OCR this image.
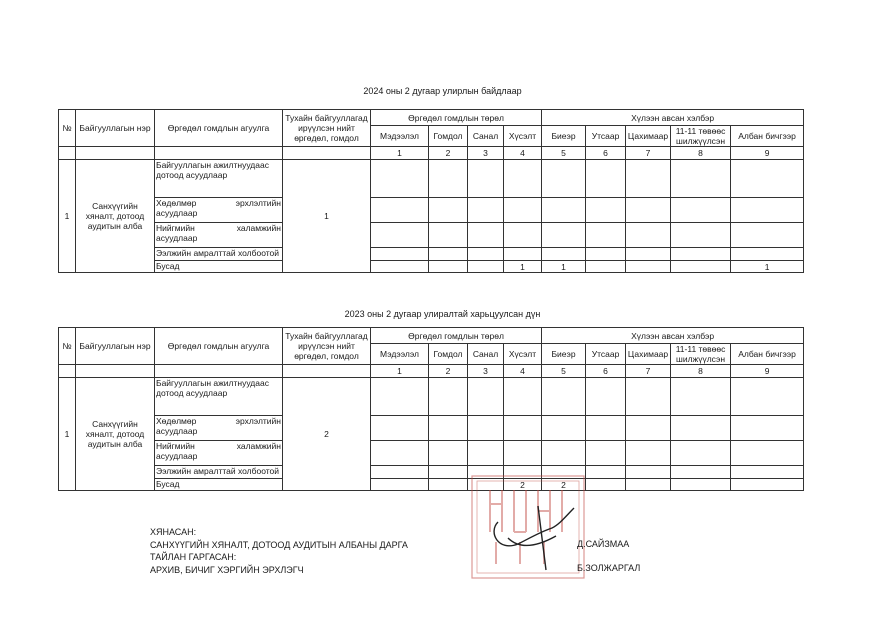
2024 оны 2 дугаар улирлын байдлаар
№	Байгууллагын нэр	Өргөдөл гомдлын агуулга	Тухайн байгууллагад ирүүлсэн нийт өргөдөл, гомдол	Өргөдөл гомдлын төрөл				Хүлээн авсан хэлбэр				
				Мэдээлэл	Гомдол	Санал	Хүсэлт	Биеэр	Утсаар	Цахимаар	11-11 төвөөс шилжүүлсэн	Албан бичгээр
				1	2	3	4	5	6	7	8	9
1	Санхүүгийн хяналт, дотоод аудитын алба	Байгууллагын ажилтнуудаас дотоод асуудлаар	1									
		Хөдөлмөр эрхлэлтийн асуудлаар										
		Нийгмийн халамжийн асуудлаар										
		Ээлжийн амралттай холбоотой										
		Бусад					1	1				1
2023 оны 2 дугаар улиралтай харьцуулсан дүн
№	Байгууллагын нэр	Өргөдөл гомдлын агуулга	Тухайн байгууллагад ирүүлсэн нийт өргөдөл, гомдол	Өргөдөл гомдлын төрөл				Хүлээн авсан хэлбэр				
				Мэдээлэл	Гомдол	Санал	Хүсэлт	Биеэр	Утсаар	Цахимаар	11-11 төвөөс шилжүүлсэн	Албан бичгээр
				1	2	3	4	5	6	7	8	9
1	Санхүүгийн хяналт, дотоод аудитын алба	Байгууллагын ажилтнуудаас дотоод асуудлаар	2									
		Хөдөлмөр эрхлэлтийн асуудлаар										
		Нийгмийн халамжийн асуудлаар										
		Ээлжийн амралттай холбоотой										
		Бусад					2	2				
ХЯНАСАН:
САНХҮҮГИЙН ХЯНАЛТ, ДОТООД АУДИТЫН АЛБАНЫ ДАРГА
ТАЙЛАН ГАРГАСАН:
АРХИВ, БИЧИГ ХЭРГИЙН ЭРХЛЭГЧ
Д.САЙЗМАА
Б.ЗОЛЖАРГАЛ
